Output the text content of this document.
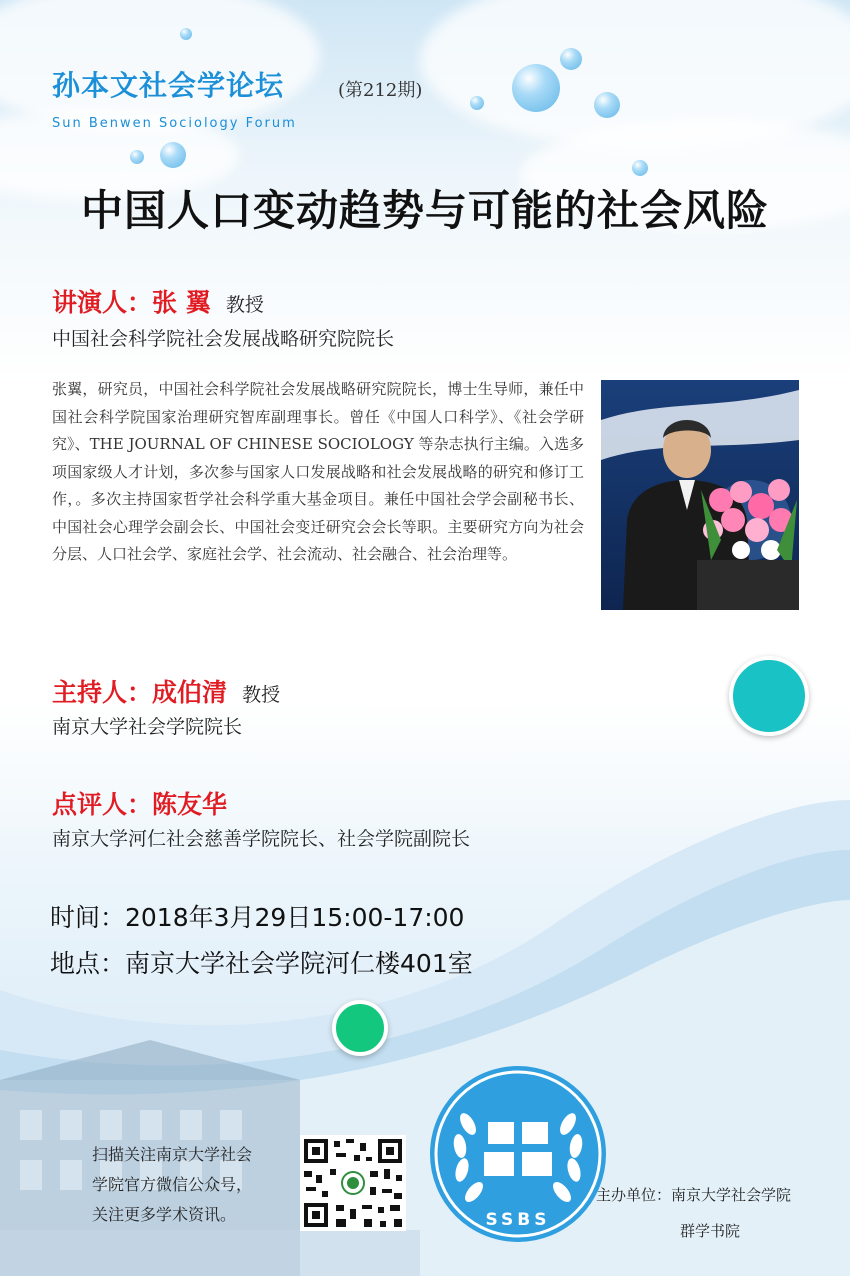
孙本文社会学论坛	(第212期)
Sun Benwen Sociology Forum
中国人口变动趋势与可能的社会风险
讲演人：张 翼 教授
中国社会科学院社会发展战略研究院院长
张翼，研究员，中国社会科学院社会发展战略研究院院长，博士生导师，兼任中国社会科学院国家治理研究智库副理事长。曾任《中国人口科学》、《社会学研究》、THE JOURNAL OF CHINESE SOCIOLOGY 等杂志执行主编。入选多项国家级人才计划，多次参与国家人口发展战略和社会发展战略的研究和修订工作，。多次主持国家哲学社会科学重大基金项目。兼任中国社会学会副秘书长、中国社会心理学会副会长、中国社会变迁研究会会长等职。主要研究方向为社会分层、人口社会学、家庭社会学、社会流动、社会融合、社会治理等。
主持人：成伯清 教授
南京大学社会学院院长
点评人：陈友华
南京大学河仁社会慈善学院院长、社会学院副院长
时间：2018年3月29日15:00-17:00
地点：南京大学社会学院河仁楼401室
扫描关注南京大学社会
学院官方微信公众号，
关注更多学术资讯。	SSBS
主办单位：南京大学社会学院
群学书院
